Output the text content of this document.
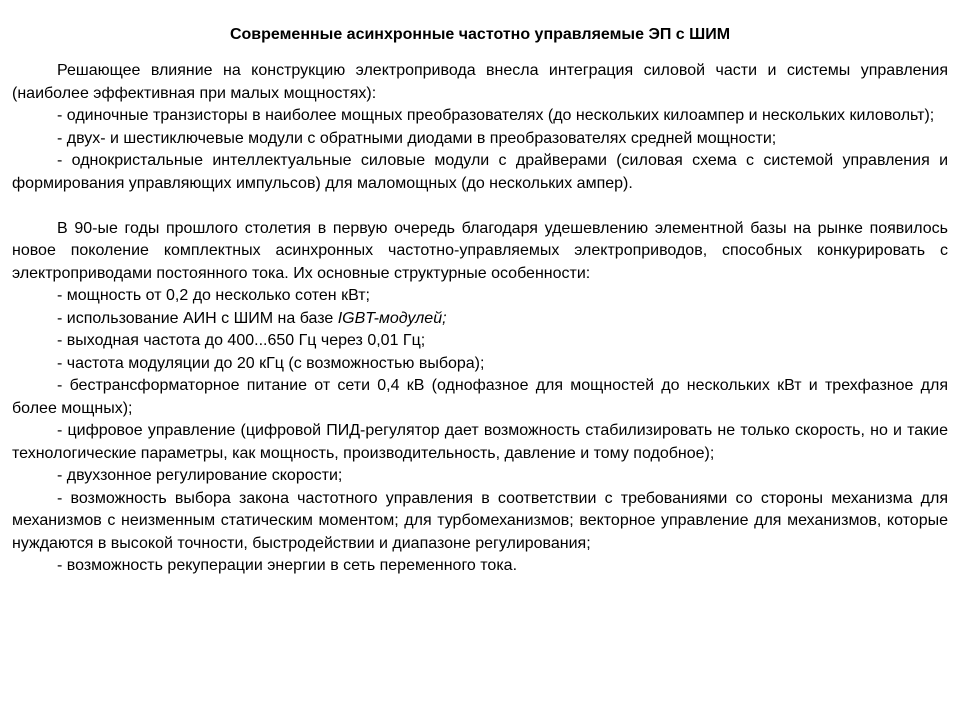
Современные асинхронные частотно управляемые ЭП с ШИМ

Решающее влияние на конструкцию электропривода внесла интеграция силовой части и системы управления (наиболее эффективная при малых мощностях):

- одиночные транзисторы в наиболее мощных преобразователях (до нескольких килоампер и нескольких киловольт);

- двух- и шестиключевые модули с обратными диодами в преобразователях средней мощности;

- однокристальные интеллектуальные силовые модули с драйверами (силовая схема с системой управления и формирования управляющих импульсов) для маломощных (до нескольких ампер).

В 90-ые годы прошлого столетия в первую очередь благодаря удешевлению элементной базы на рынке появилось новое поколение комплектных асинхронных частотно-управляемых электроприводов, способных конкурировать с электроприводами постоянного тока. Их основные структурные особенности:

- мощность от 0,2 до несколько сотен кВт;

- использование АИН с ШИМ на базе IGBT-модулей;

- выходная частота до 400...650 Гц через 0,01 Гц;

- частота модуляции до 20 кГц (с возможностью выбора);

- бестрансформаторное питание от сети 0,4 кВ (однофазное для мощностей до нескольких кВт и трехфазное для более мощных);

- цифровое управление (цифровой ПИД-регулятор дает возможность стабилизировать не только скорость, но и такие технологические параметры, как мощность, производительность, давление и тому подобное);

- двухзонное регулирование скорости;

- возможность выбора закона частотного управления в соответствии с требованиями со стороны механизма для механизмов с неизменным статическим моментом; для турбомеханизмов; векторное управление для механизмов, которые нуждаются в высокой точности, быстродействии и диапазоне регулирования;

- возможность рекуперации энергии в сеть переменного тока.
